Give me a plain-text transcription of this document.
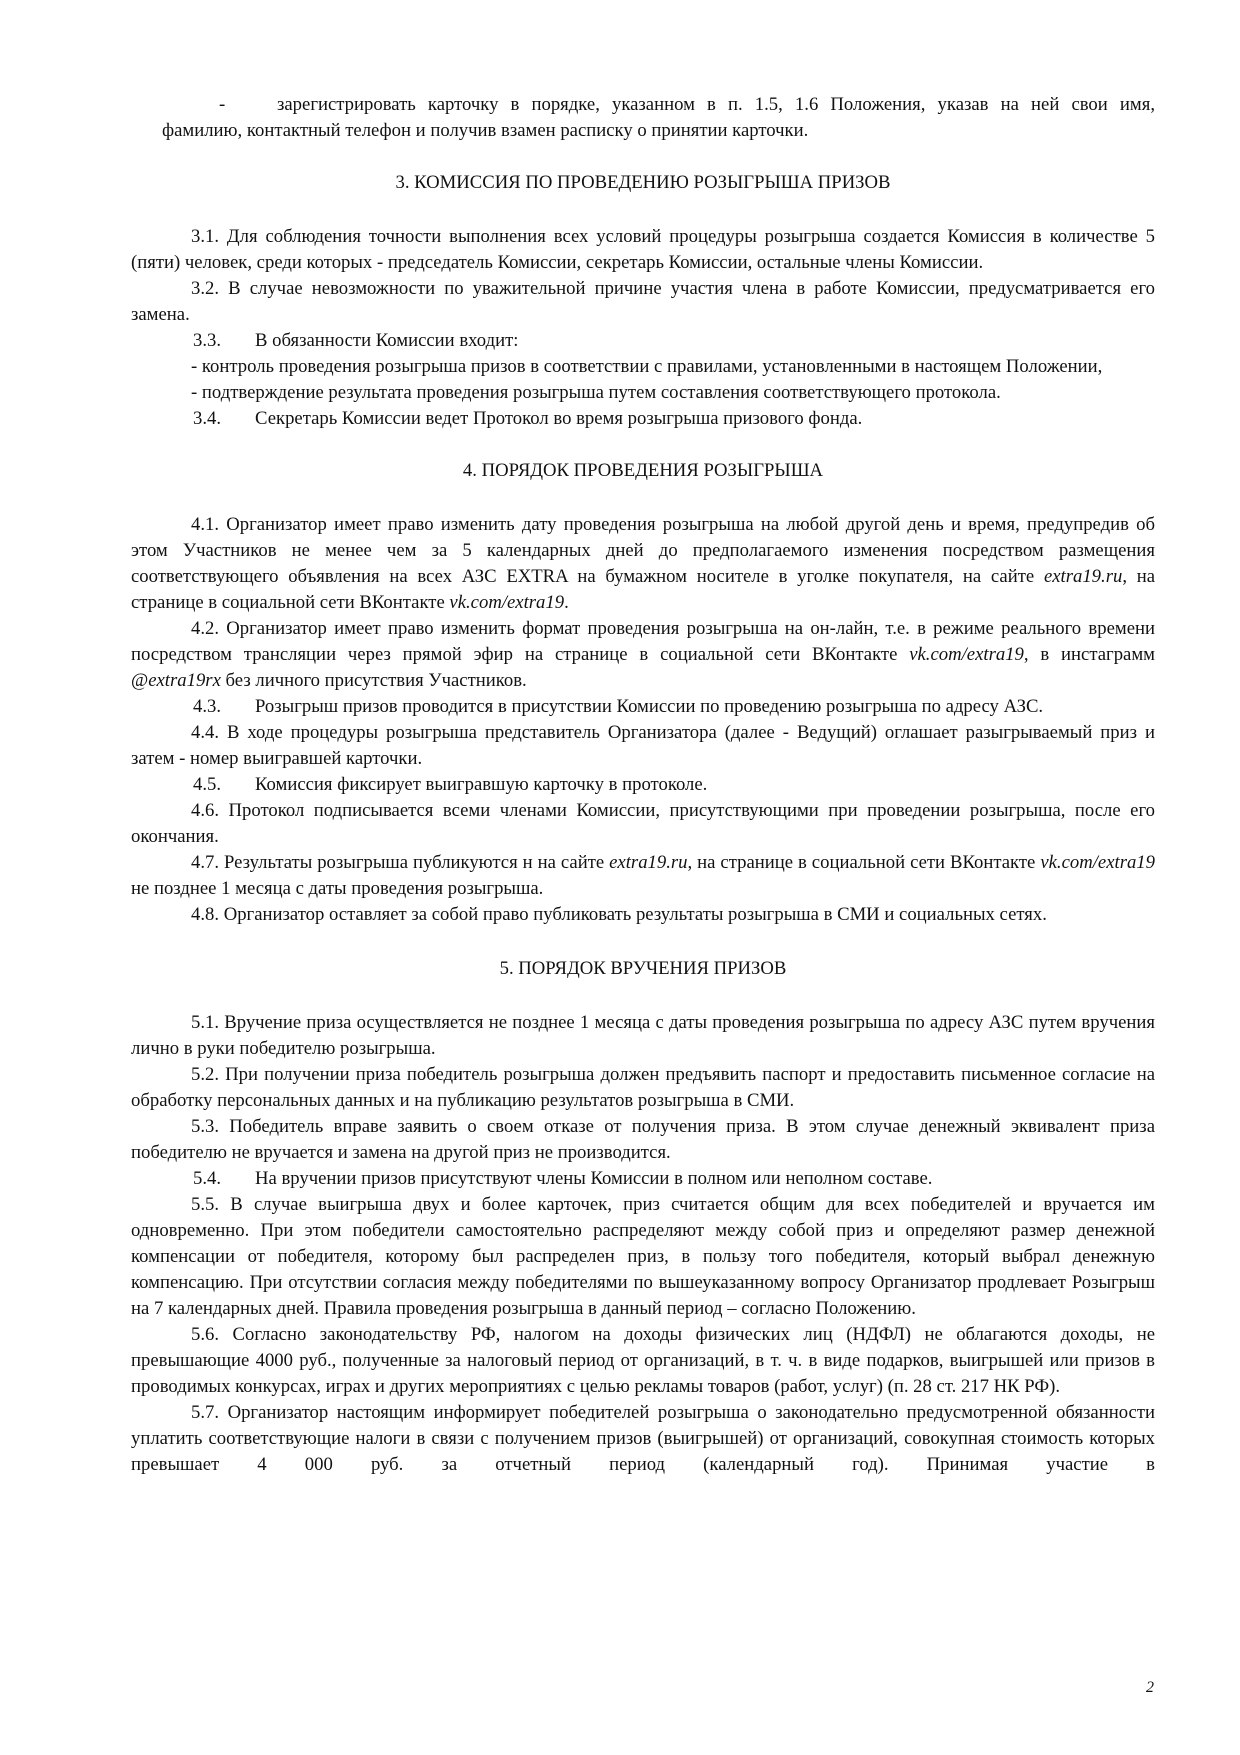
-	зарегистрировать карточку в порядке, указанном в п. 1.5, 1.6 Положения, указав на ней свои имя,

фамилию, контактный телефон и получив взамен расписку о принятии карточки.

3. КОМИССИЯ ПО ПРОВЕДЕНИЮ РОЗЫГРЫША ПРИЗОВ

3.1. Для соблюдения точности выполнения всех условий процедуры розыгрыша создается Комиссия в количестве 5 (пяти) человек, среди которых - председатель Комиссии, секретарь Комиссии, остальные члены Комиссии.

3.2. В случае невозможности по уважительной причине участия члена в работе Комиссии, предусматривается его замена.

3.3. В обязанности Комиссии входит:

- контроль проведения розыгрыша призов в соответствии с правилами, установленными в настоящем Положении,

- подтверждение результата проведения розыгрыша путем составления соответствующего протокола.

3.4. Секретарь Комиссии ведет Протокол во время розыгрыша призового фонда.

4. ПОРЯДОК ПРОВЕДЕНИЯ РОЗЫГРЫША

4.1. Организатор имеет право изменить дату проведения розыгрыша на любой другой день и время, предупредив об этом Участников не менее чем за 5 календарных дней до предполагаемого изменения посредством размещения соответствующего объявления на всех АЗС EXTRA на бумажном носителе в уголке покупателя, на сайте extra19.ru, на странице в социальной сети ВКонтакте vk.com/extra19.

4.2. Организатор имеет право изменить формат проведения розыгрыша на он-лайн, т.е. в режиме реального времени посредством трансляции через прямой эфир на странице в социальной сети ВКонтакте vk.com/extra19, в инстаграмм @extra19rx без личного присутствия Участников.

4.3. Розыгрыш призов проводится в присутствии Комиссии по проведению розыгрыша по адресу АЗС.

4.4. В ходе процедуры розыгрыша представитель Организатора (далее - Ведущий) оглашает разыгрываемый приз и затем - номер выигравшей карточки.

4.5. Комиссия фиксирует выигравшую карточку в протоколе.

4.6. Протокол подписывается всеми членами Комиссии, присутствующими при проведении розыгрыша, после его окончания.

4.7. Результаты розыгрыша публикуются н на сайте extra19.ru, на странице в социальной сети ВКонтакте vk.com/extra19 не позднее 1 месяца с даты проведения розыгрыша.

4.8. Организатор оставляет за собой право публиковать результаты розыгрыша в СМИ и социальных сетях.

5. ПОРЯДОК ВРУЧЕНИЯ ПРИЗОВ

5.1. Вручение приза осуществляется не позднее 1 месяца с даты проведения розыгрыша по адресу АЗС путем вручения лично в руки победителю розыгрыша.

5.2. При получении приза победитель розыгрыша должен предъявить паспорт и предоставить письменное согласие на обработку персональных данных и на публикацию результатов розыгрыша в СМИ.

5.3. Победитель вправе заявить о своем отказе от получения приза. В этом случае денежный эквивалент приза победителю не вручается и замена на другой приз не производится.

5.4. На вручении призов присутствуют члены Комиссии в полном или неполном составе.

5.5. В случае выигрыша двух и более карточек, приз считается общим для всех победителей и вручается им одновременно. При этом победители самостоятельно распределяют между собой приз и определяют размер денежной компенсации от победителя, которому был распределен приз, в пользу того победителя, который выбрал денежную компенсацию. При отсутствии согласия между победителями по вышеуказанному вопросу Организатор продлевает Розыгрыш на 7 календарных дней. Правила проведения розыгрыша в данный период – согласно Положению.

5.6. Согласно законодательству РФ, налогом на доходы физических лиц (НДФЛ) не облагаются доходы, не превышающие 4000 руб., полученные за налоговый период от организаций, в т. ч. в виде подарков, выигрышей или призов в проводимых конкурсах, играх и других мероприятиях с целью рекламы товаров (работ, услуг) (п. 28 ст. 217 НК РФ).

5.7. Организатор настоящим информирует победителей розыгрыша о законодательно предусмотренной обязанности уплатить соответствующие налоги в связи с получением призов (выигрышей) от организаций, совокупная стоимость которых превышает 4 000 руб. за отчетный период (календарный год). Принимая участие в

2
